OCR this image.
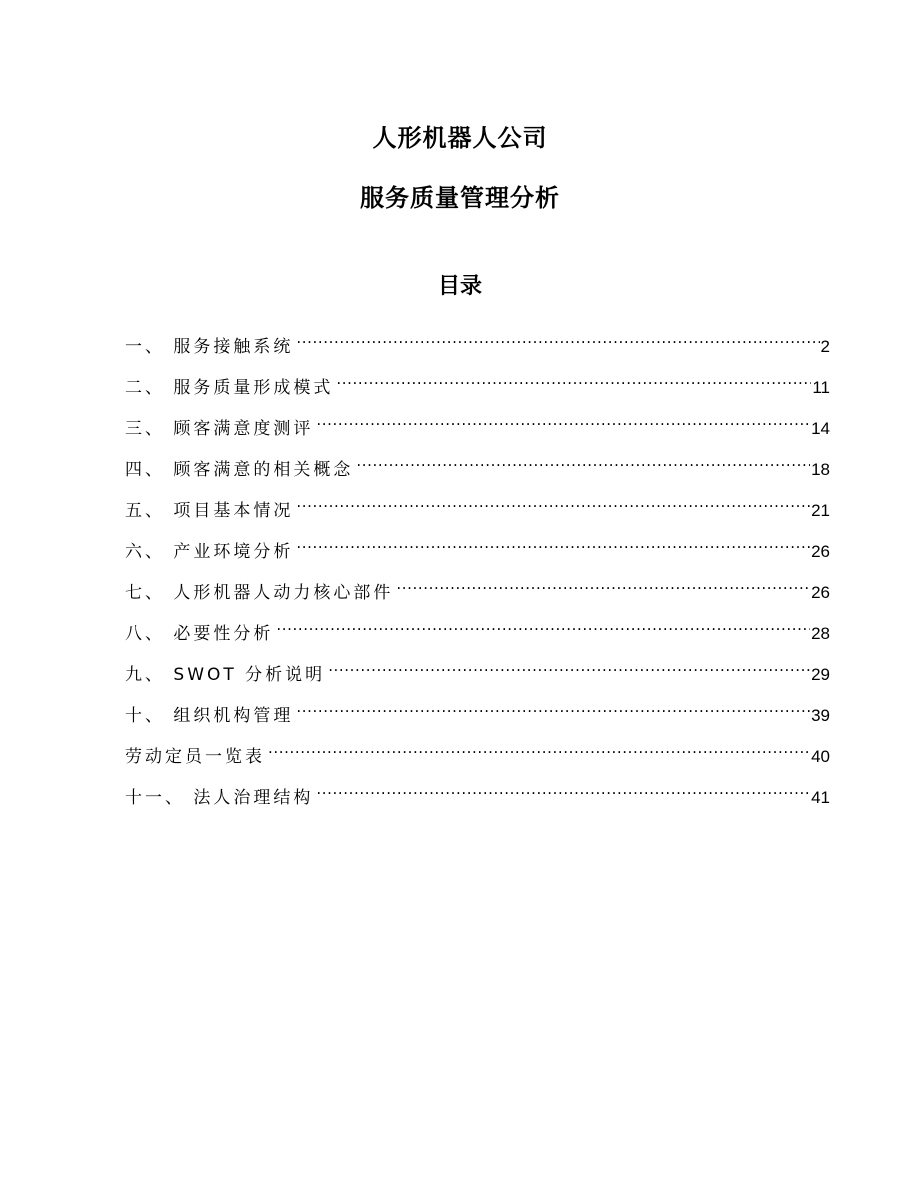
人形机器人公司
服务质量管理分析
目录
一、 服务接触系统 .....	2
二、 服务质量形成模式 .....	11
三、 顾客满意度测评 .....	14
四、 顾客满意的相关概念 .....	18
五、 项目基本情况 .....	21
六、 产业环境分析 .....	26
七、 人形机器人动力核心部件 .....	26
八、 必要性分析 .....	28
九、 SWOT 分析说明 .....	29
十、 组织机构管理 .....	39
劳动定员一览表 .....	40
十一、 法人治理结构 .....	41
